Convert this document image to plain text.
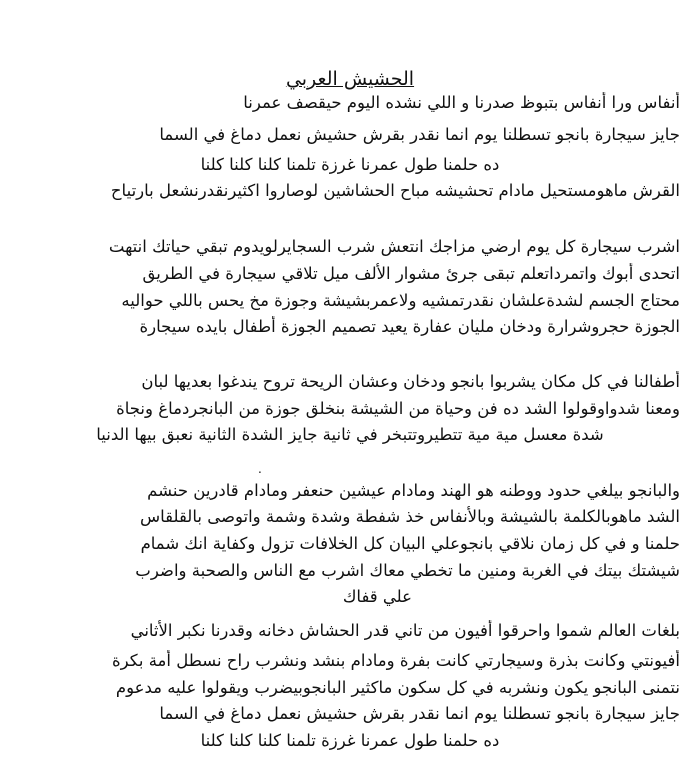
الحشيش العربي
أنفاس ورا أنفاس بتبوظ صدرنا و اللي نشده اليوم حيقصف عمرنا
جايز سيجارة بانجو تسطلنا يوم انما نقدر بقرش حشيش نعمل دماغ في السما
ده حلمنا طول عمرنا غرزة تلمنا كلنا كلنا كلنا
القرش ماهومستحيل مادام تحشيشه مباح الحشاشين لوصاروا اكثيرنقدرنشعل بارتياح
اشرب سيجارة كل يوم ارضي مزاجك انتعش شرب السجايرلويدوم تبقي حياتك انتهت
اتحدى أبوك واتمرداتعلم تبقى جرئ مشوار الألف ميل تلاقي سيجارة في الطريق
محتاج الجسم لشدةعلشان نقدرتمشيه ولاعمربشيشة وجوزة مخ يحس باللي حواليه
الجوزة حجروشرارة ودخان مليان عفارة يعيد تصميم الجوزة أطفال بايده سيجارة
أطفالنا في كل مكان يشربوا بانجو ودخان وعشان الريحة تروح يندغوا بعديها لبان
ومعنا شدواوقولوا الشد ده فن وحياة من الشيشة بنخلق جوزة من البانجردماغ ونجاة
شدة معسل مية مية تتطيروتتبخر في ثانية جايز الشدة الثانية نعبق بيها الدنيا
.
والبانجو بيلغي حدود ووطنه هو الهند ومادام عيشين حنعفر ومادام قادرين حنشم
الشد ماهوبالكلمة بالشيشة وبالأنفاس خذ شفطة وشدة وشمة واتوصى بالقلقاس
حلمنا و في كل زمان نلاقي بانجوعلي البيان كل الخلافات تزول وكفاية انك شمام
شيشتك بيتك في الغربة ومنين ما تخطي معاك اشرب مع الناس والصحبة واضرب
علي قفاك
بلغات العالم شموا واحرقوا أفيون من تاني قدر الحشاش دخانه وقدرنا نكبر الأثاني
أفيونتي وكانت بذرة وسيجارتي كانت بفرة ومادام بنشد ونشرب راح نسطل أمة بكرة
نتمنى البانجو يكون ونشربه في كل سكون ماكثير البانجوبيضرب ويقولوا عليه مدعوم
جايز سيجارة بانجو تسطلنا يوم انما نقدر بقرش حشيش نعمل دماغ في السما
ده حلمنا طول عمرنا غرزة تلمنا كلنا كلنا كلنا
